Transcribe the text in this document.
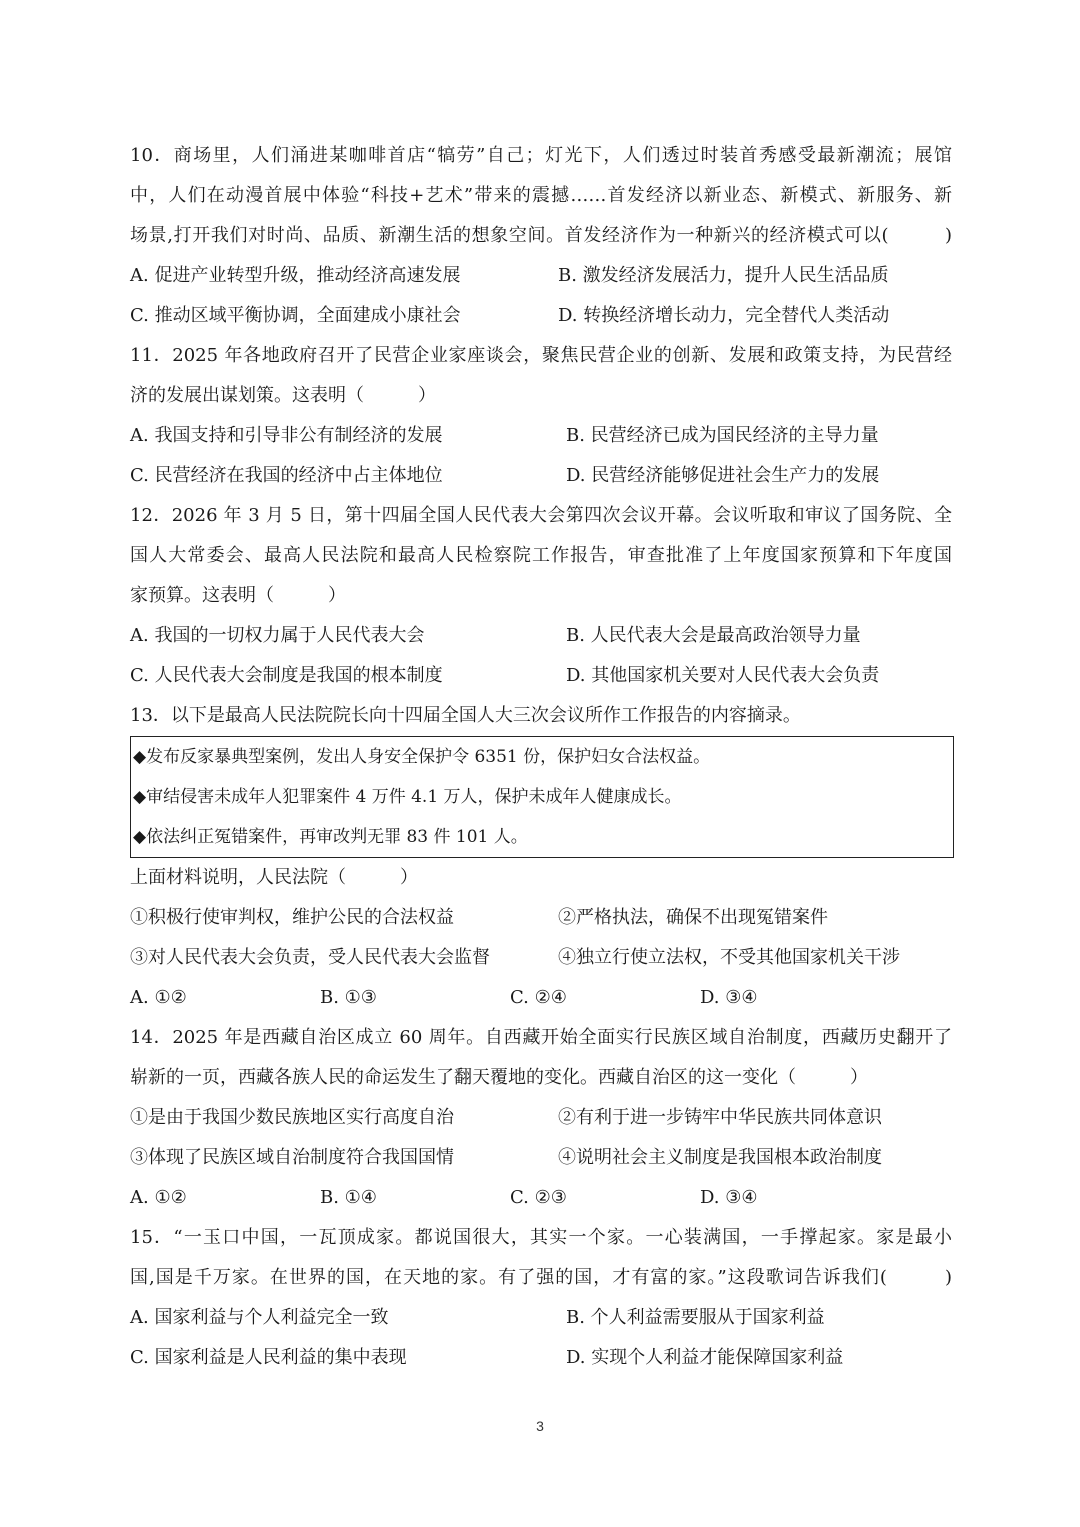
10．商场里，人们涌进某咖啡首店“犒劳”自己；灯光下，人们透过时装首秀感受最新潮流；展馆
中，人们在动漫首展中体验“科技+艺术”带来的震撼……首发经济以新业态、新模式、新服务、新
场景,打开我们对时尚、品质、新潮生活的想象空间。首发经济作为一种新兴的经济模式可以(　　　)
A. 促进产业转型升级，推动经济高速发展	B. 激发经济发展活力，提升人民生活品质
C. 推动区域平衡协调，全面建成小康社会	D. 转换经济增长动力，完全替代人类活动
11．2025 年各地政府召开了民营企业家座谈会，聚焦民营企业的创新、发展和政策支持，为民营经
济的发展出谋划策。这表明（　　　）
A. 我国支持和引导非公有制经济的发展	B. 民营经济已成为国民经济的主导力量
C. 民营经济在我国的经济中占主体地位	D. 民营经济能够促进社会生产力的发展
12．2026 年 3 月 5 日，第十四届全国人民代表大会第四次会议开幕。会议听取和审议了国务院、全
国人大常委会、最高人民法院和最高人民检察院工作报告，审查批准了上年度国家预算和下年度国
家预算。这表明（　　　）
A. 我国的一切权力属于人民代表大会	B. 人民代表大会是最高政治领导力量
C. 人民代表大会制度是我国的根本制度	D. 其他国家机关要对人民代表大会负责
13．以下是最高人民法院院长向十四届全国人大三次会议所作工作报告的内容摘录。
◆发布反家暴典型案例，发出人身安全保护令 6351 份，保护妇女合法权益。
◆审结侵害未成年人犯罪案件 4 万件 4.1 万人，保护未成年人健康成长。
◆依法纠正冤错案件，再审改判无罪 83 件 101 人。
上面材料说明，人民法院（　　　）
①积极行使审判权，维护公民的合法权益	②严格执法，确保不出现冤错案件
③对人民代表大会负责，受人民代表大会监督	④独立行使立法权，不受其他国家机关干涉
A. ①②	B. ①③	C. ②④	D. ③④
14．2025 年是西藏自治区成立 60 周年。自西藏开始全面实行民族区域自治制度，西藏历史翻开了
崭新的一页，西藏各族人民的命运发生了翻天覆地的变化。西藏自治区的这一变化（　　　）
①是由于我国少数民族地区实行高度自治	②有利于进一步铸牢中华民族共同体意识
③体现了民族区域自治制度符合我国国情	④说明社会主义制度是我国根本政治制度
A. ①②	B. ①④	C. ②③	D. ③④
15．“一玉口中国，一瓦顶成家。都说国很大，其实一个家。一心装满国，一手撑起家。家是最小
国,国是千万家。在世界的国，在天地的家。有了强的国，才有富的家。”这段歌词告诉我们(　　　)
A. 国家利益与个人利益完全一致	B. 个人利益需要服从于国家利益
C. 国家利益是人民利益的集中表现	D. 实现个人利益才能保障国家利益
3
